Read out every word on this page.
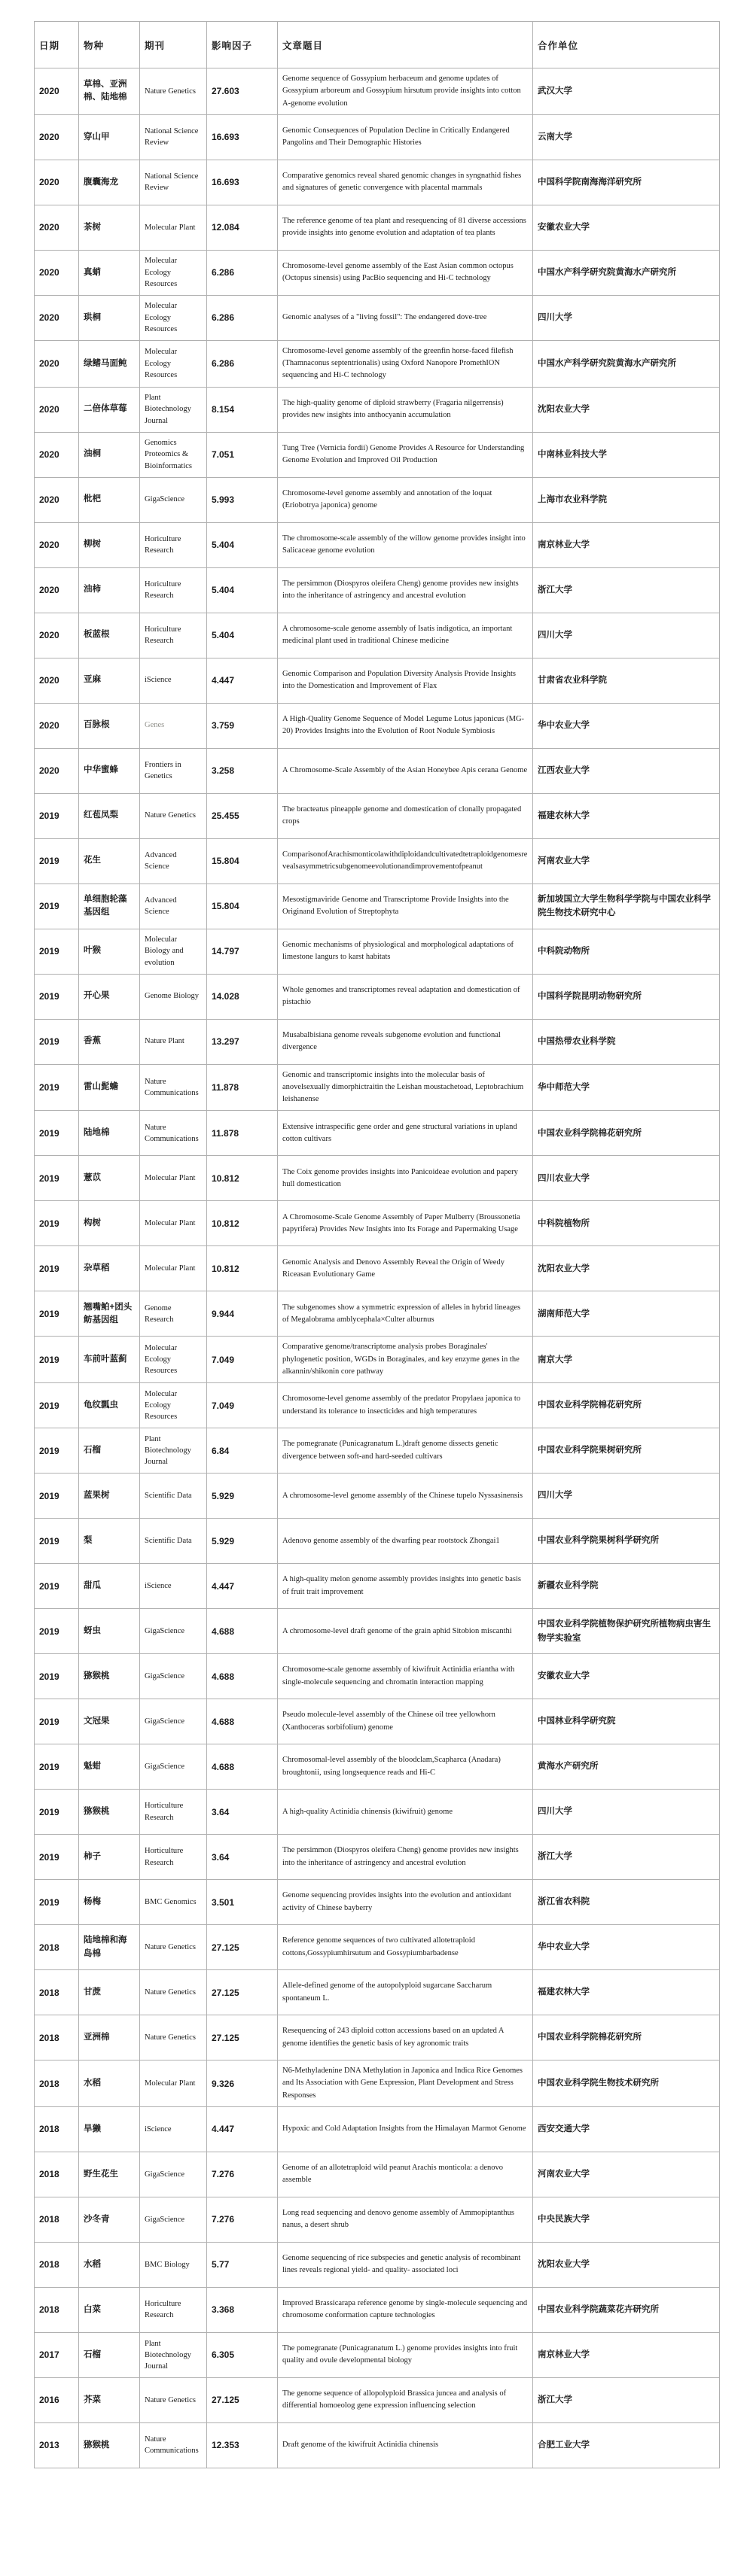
日期	物种	期刊	影响因子	文章题目	合作单位
2020	草棉、亚洲棉、陆地棉	Nature Genetics	27.603	Genome sequence of Gossypium herbaceum and genome updates of Gossypium arboreum and Gossypium hirsutum provide insights into cotton A-genome evolution	武汉大学
2020	穿山甲	National Science Review	16.693	Genomic Consequences of Population Decline in Critically Endangered Pangolins and Their Demographic Histories	云南大学
2020	腹囊海龙	National Science Review	16.693	Comparative genomics reveal shared genomic changes in syngnathid fishes and signatures of genetic convergence with placental mammals	中国科学院南海海洋研究所
2020	茶树	Molecular Plant	12.084	The reference genome of tea plant and resequencing of 81 diverse accessions provide insights into genome evolution and adaptation of tea plants	安徽农业大学
2020	真蛸	Molecular Ecology Resources	6.286	Chromosome-level genome assembly of the East Asian common octopus (Octopus sinensis) using PacBio sequencing and Hi-C technology	中国水产科学研究院黄海水产研究所
2020	珙桐	Molecular Ecology Resources	6.286	Genomic analyses of a "living fossil": The endangered dove-tree	四川大学
2020	绿鳍马面鲀	Molecular Ecology Resources	6.286	Chromosome-level genome assembly of the greenfin horse-faced filefish (Thamnaconus septentrionalis) using Oxford Nanopore PromethION sequencing and Hi-C technology	中国水产科学研究院黄海水产研究所
2020	二倍体草莓	Plant Biotechnology Journal	8.154	The high-quality genome of diploid strawberry (Fragaria nilgerrensis) provides new insights into anthocyanin accumulation	沈阳农业大学
2020	油桐	Genomics Proteomics & Bioinformatics	7.051	Tung Tree (Vernicia fordii) Genome Provides A Resource for Understanding Genome Evolution and Improved Oil Production	中南林业科技大学
2020	枇杷	GigaScience	5.993	Chromosome-level genome assembly and annotation of the loquat (Eriobotrya japonica) genome	上海市农业科学院
2020	柳树	Horiculture Research	5.404	The chromosome-scale assembly of the willow genome provides insight into Salicaceae genome evolution	南京林业大学
2020	油柿	Horiculture Research	5.404	The persimmon (Diospyros oleifera Cheng) genome provides new insights into the inheritance of astringency and ancestral evolution	浙江大学
2020	板蓝根	Horiculture Research	5.404	A chromosome-scale genome assembly of Isatis indigotica, an important medicinal plant used in traditional Chinese medicine	四川大学
2020	亚麻	iScience	4.447	Genomic Comparison and Population Diversity Analysis Provide Insights into the Domestication and Improvement of Flax	甘肃省农业科学院
2020	百脉根	Genes	3.759	A High-Quality Genome Sequence of Model Legume Lotus japonicus (MG-20) Provides Insights into the Evolution of Root Nodule Symbiosis	华中农业大学
2020	中华蜜蜂	Frontiers in Genetics	3.258	A Chromosome-Scale Assembly of the Asian Honeybee Apis cerana Genome	江西农业大学
2019	红苞凤梨	Nature Genetics	25.455	The bracteatus pineapple genome and domestication of clonally propagated crops	福建农林大学
2019	花生	Advanced Science	15.804	ComparisonofArachismonticolawithdiploidandcultivatedtetraploidgenomesrevealsasymmetricsubgenomeevolutionandimprovementofpeanut	河南农业大学
2019	单细胞轮藻基因组	Advanced Science	15.804	Mesostigmaviride Genome and Transcriptome Provide Insights into the Originand Evolution of Streptophyta	新加坡国立大学生物科学学院与中国农业科学院生物技术研究中心
2019	叶猴	Molecular Biology and evolution	14.797	Genomic mechanisms of physiological and morphological adaptations of limestone langurs to karst habitats	中科院动物所
2019	开心果	Genome Biology	14.028	Whole genomes and transcriptomes reveal adaptation and domestication of pistachio	中国科学院昆明动物研究所
2019	香蕉	Nature Plant	13.297	Musabalbisiana genome reveals subgenome evolution and functional divergence	中国热带农业科学院
2019	雷山髭蟾	Nature Communications	11.878	Genomic and transcriptomic insights into the molecular basis of anovelsexually dimorphictraitin the Leishan moustachetoad, Leptobrachium leishanense	华中师范大学
2019	陆地棉	Nature Communications	11.878	Extensive intraspecific gene order and gene structural variations in upland cotton cultivars	中国农业科学院棉花研究所
2019	薏苡	Molecular Plant	10.812	The Coix genome provides insights into Panicoideae evolution and papery hull domestication	四川农业大学
2019	构树	Molecular Plant	10.812	A Chromosome-Scale Genome Assembly of Paper Mulberry (Broussonetia papyrifera) Provides New Insights into Its Forage and Papermaking Usage	中科院植物所
2019	杂草稻	Molecular Plant	10.812	Genomic Analysis and Denovo Assembly Reveal the Origin of Weedy Riceasan Evolutionary Game	沈阳农业大学
2019	翘嘴鲌+团头鲂基因组	Genome Research	9.944	The subgenomes show a symmetric expression of alleles in hybrid lineages of Megalobrama amblycephala×Culter alburnus	湖南师范大学
2019	车前叶蓝蓟	Molecular Ecology Resources	7.049	Comparative genome/transcriptome analysis probes Boraginales' phylogenetic position, WGDs in Boraginales, and key enzyme genes in the alkannin/shikonin core pathway	南京大学
2019	龟纹瓢虫	Molecular Ecology Resources	7.049	Chromosome-level genome assembly of the predator Propylaea japonica to understand its tolerance to insecticides and high temperatures	中国农业科学院棉花研究所
2019	石榴	Plant Biotechnology Journal	6.84	The pomegranate (Punicagranatum L.)draft genome dissects genetic divergence between soft-and hard-seeded cultivars	中国农业科学院果树研究所
2019	蓝果树	Scientific Data	5.929	A chromosome-level genome assembly of the Chinese tupelo Nyssasinensis	四川大学
2019	梨	Scientific Data	5.929	Adenovo genome assembly of the dwarfing pear rootstock Zhongai1	中国农业科学院果树科学研究所
2019	甜瓜	iScience	4.447	A high-quality melon genome assembly provides insights into genetic basis of fruit trait improvement	新疆农业科学院
2019	蚜虫	GigaScience	4.688	A chromosome-level draft genome of the grain aphid Sitobion miscanthi	中国农业科学院植物保护研究所植物病虫害生物学实验室
2019	猕猴桃	GigaScience	4.688	Chromosome-scale genome assembly of kiwifruit Actinidia eriantha with single-molecule sequencing and chromatin interaction mapping	安徽农业大学
2019	文冠果	GigaScience	4.688	Pseudo molecule-level assembly of the Chinese oil tree yellowhorn (Xanthoceras sorbifolium) genome	中国林业科学研究院
2019	魁蚶	GigaScience	4.688	Chromosomal-level assembly of the bloodclam,Scapharca (Anadara) broughtonii, using longsequence reads and Hi-C	黄海水产研究所
2019	猕猴桃	Horticulture Research	3.64	A high-quality Actinidia chinensis (kiwifruit) genome	四川大学
2019	柿子	Horticulture Research	3.64	The persimmon (Diospyros oleifera Cheng) genome provides new insights into the inheritance of astringency and ancestral evolution	浙江大学
2019	杨梅	BMC Genomics	3.501	Genome sequencing provides insights into the evolution and antioxidant activity of Chinese bayberry	浙江省农科院
2018	陆地棉和海岛棉	Nature Genetics	27.125	Reference genome sequences of two cultivated allotetraploid cottons,Gossypiumhirsutum and Gossypiumbarbadense	华中农业大学
2018	甘蔗	Nature Genetics	27.125	Allele-defined genome of the autopolyploid sugarcane Saccharum spontaneum L.	福建农林大学
2018	亚洲棉	Nature Genetics	27.125	Resequencing of 243 diploid cotton accessions based on an updated A genome identifies the genetic basis of key agronomic traits	中国农业科学院棉花研究所
2018	水稻	Molecular Plant	9.326	N6-Methyladenine DNA Methylation in Japonica and Indica Rice Genomes and Its Association with Gene Expression, Plant Development and Stress Responses	中国农业科学院生物技术研究所
2018	旱獭	iScience	4.447	Hypoxic and Cold Adaptation Insights from the Himalayan Marmot Genome	西安交通大学
2018	野生花生	GigaScience	7.276	Genome of an allotetraploid wild peanut Arachis monticola: a denovo assemble	河南农业大学
2018	沙冬青	GigaScience	7.276	Long read sequencing and denovo genome assembly of Ammopiptanthus nanus, a desert shrub	中央民族大学
2018	水稻	BMC Biology	5.77	Genome sequencing of rice subspecies and genetic analysis of recombinant lines reveals regional yield- and quality- associated loci	沈阳农业大学
2018	白菜	Horiculture Research	3.368	Improved Brassicarapa reference genome by single-molecule sequencing and chromosome conformation capture technologies	中国农业科学院蔬菜花卉研究所
2017	石榴	Plant Biotechnology Journal	6.305	The pomegranate (Punicagranatum L.) genome provides insights into fruit quality and ovule developmental biology	南京林业大学
2016	芥菜	Nature Genetics	27.125	The genome sequence of allopolyploid Brassica juncea and analysis of differential homoeolog gene expression influencing selection	浙江大学
2013	猕猴桃	Nature Communications	12.353	Draft genome of the kiwifruit Actinidia chinensis	合肥工业大学
